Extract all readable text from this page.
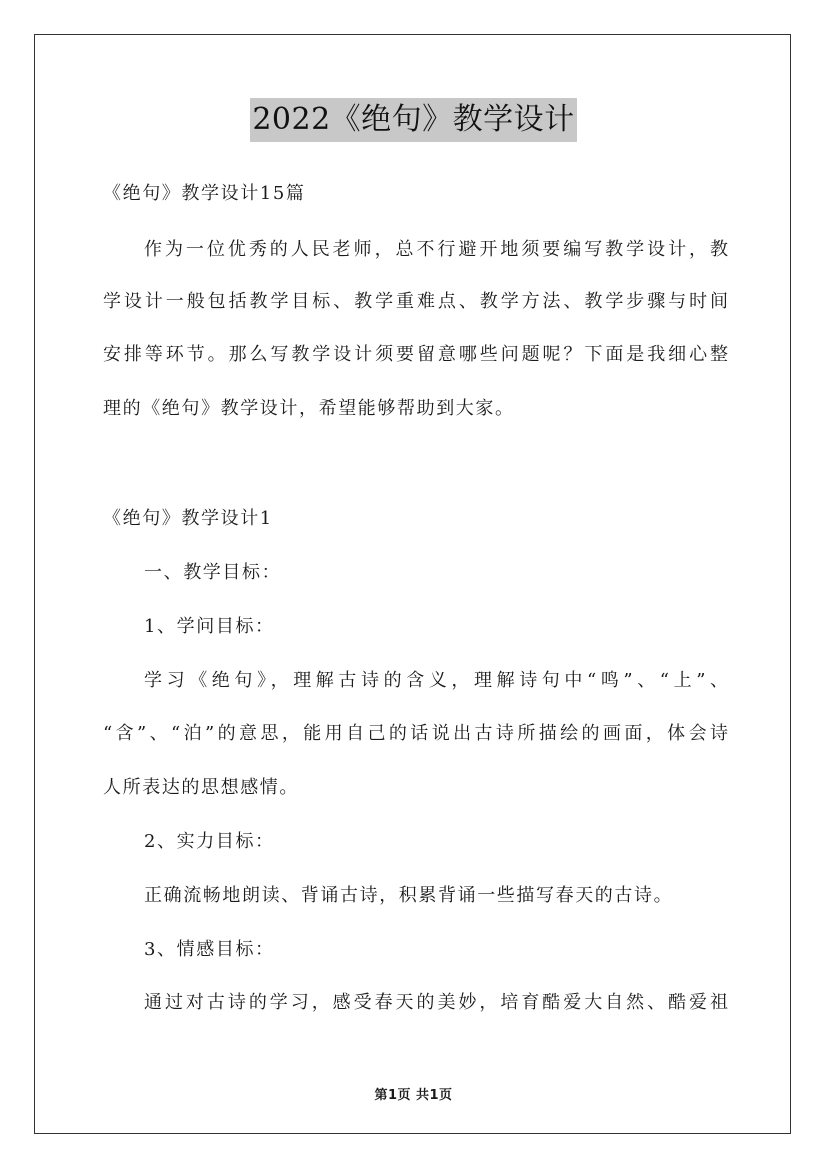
2022《绝句》教学设计
《绝句》教学设计15篇
作为一位优秀的人民老师，总不行避开地须要编写教学设计，教
学设计一般包括教学目标、教学重难点、教学方法、教学步骤与时间
安排等环节。那么写教学设计须要留意哪些问题呢？下面是我细心整
理的《绝句》教学设计，希望能够帮助到大家。
《绝句》教学设计1
一、教学目标：
1、学问目标：
学习《绝句》，理解古诗的含义，理解诗句中“鸣”、“上”、
“含”、“泊”的意思，能用自己的话说出古诗所描绘的画面，体会诗
人所表达的思想感情。
2、实力目标：
正确流畅地朗读、背诵古诗，积累背诵一些描写春天的古诗。
3、情感目标：
通过对古诗的学习，感受春天的美妙，培育酷爱大自然、酷爱祖
第1页 共1页
